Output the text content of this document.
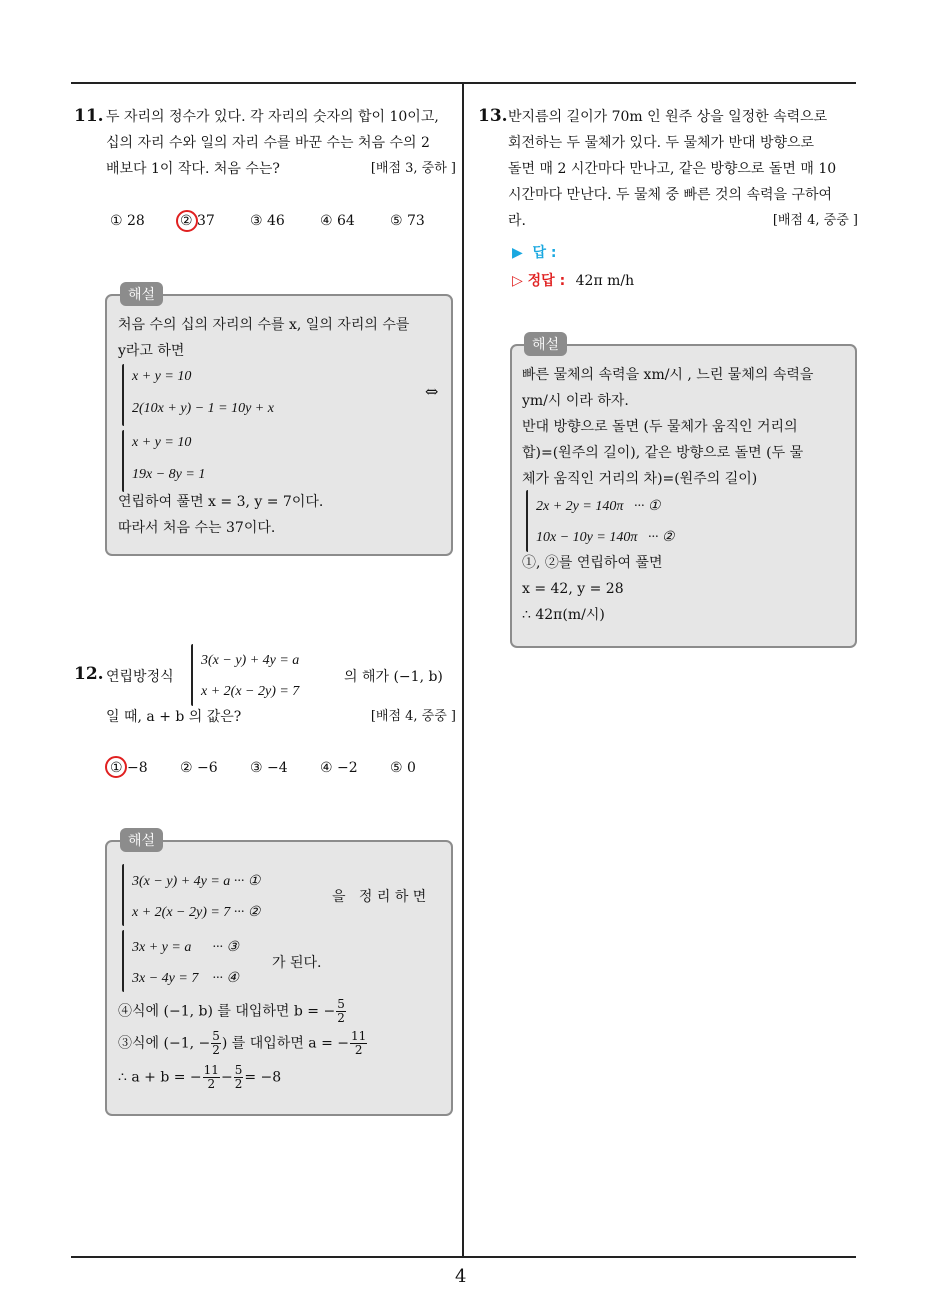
4
11. 두 자리의 정수가 있다. 각 자리의 숫자의 합이 10이고,
십의 자리 수와 일의 자리 수를 바꾼 수는 처음 수의 2
배보다 1이 작다. 처음 수는?	[배점 3, 중하 ]
① 28	② 37	③ 46	④ 64	⑤ 73
해설
처음 수의 십의 자리의 수를 x, 일의 자리의 수를
y라고 하면
x + y = 10
2(10x + y) − 1 = 10y + x
⇔
x + y = 10
19x − 8y = 1
연립하여 풀면 x = 3, y = 7이다.
따라서 처음 수는 37이다.
12. 연립방정식
3(x − y) + 4y = a
x + 2(x − 2y) = 7
의 해가 (−1, b)
일 때, a + b 의 값은?	[배점 4, 중중 ]
① −8 ② −6 ③ −4 ④ −2 ⑤ 0
해설
3(x − y) + 4y = a ··· ①
x + 2(x − 2y) = 7 ··· ②
을   정 리 하 면
3x + y = a      ··· ③
3x − 4y = 7    ··· ④
가 된다.
④식에 (−1, b) 를 대입하면 b = − $\frac{5}{2}$
③식에 (−1, − $\frac{5}{2}$ ) 를 대입하면 a = − $\frac{11}{2}$
∴ a + b = − $\frac{11}{2} - \frac{5}{2} = -8$
13. 반지름의 길이가 70m 인 원주 상을 일정한 속력으로
회전하는 두 물체가 있다. 두 물체가 반대 방향으로
돌면 매 2 시간마다 만나고, 같은 방향으로 돌면 매 10
시간마다 만난다. 두 물체 중 빠른 것의 속력을 구하여
라.	[배점 4, 중중 ]
▶  답 :
▷ 정답 : 42π m/h
해설
빠른 물체의 속력을 xm/시 , 느린 물체의 속력을
ym/시 이라 하자.
반대 방향으로 돌면 (두 물체가 움직인 거리의
합)=(원주의 길이), 같은 방향으로 돌면 (두 물
체가 움직인 거리의 차)=(원주의 길이)
2x + 2y = 140π   ··· ①
10x − 10y = 140π   ··· ②
①, ②를 연립하여 풀면
x = 42, y = 28
∴ 42π(m/시)
